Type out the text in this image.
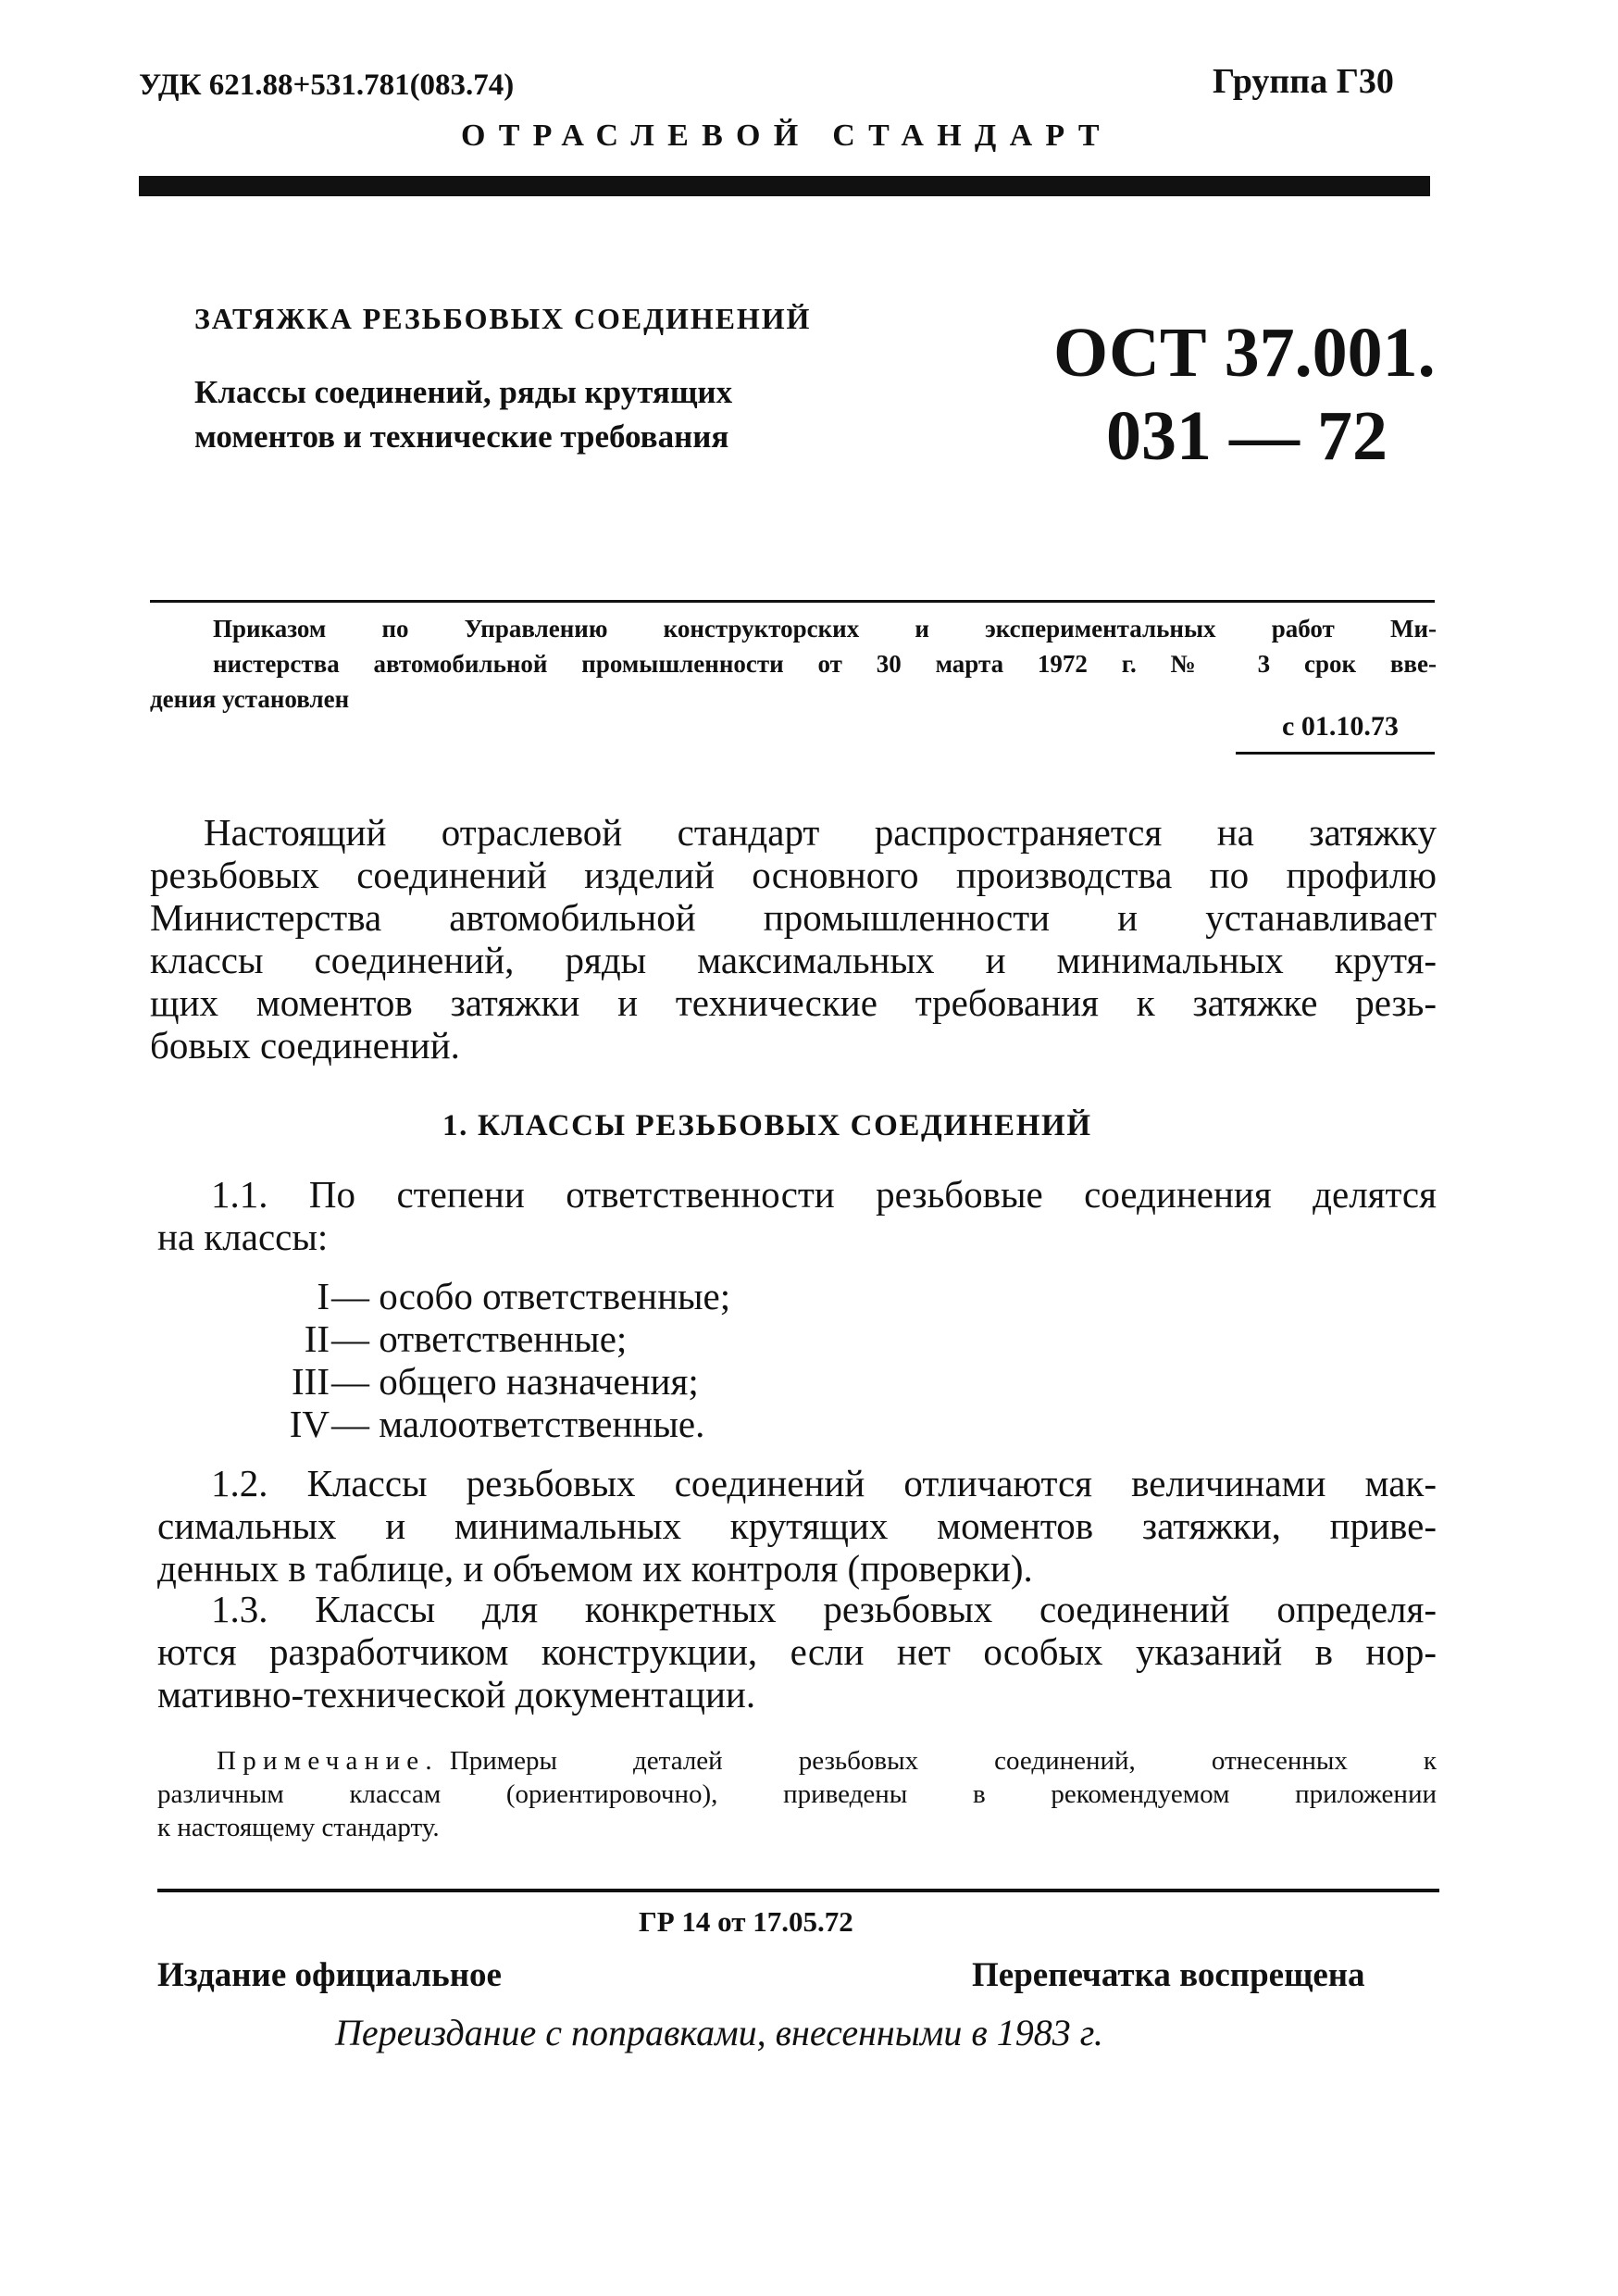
УДК 621.88+531.781(083.74)	Группа Г30
ОТРАСЛЕВОЙ СТАНДАРТ
ЗАТЯЖКА РЕЗЬБОВЫХ СОЕДИНЕНИЙ
Классы соединений, ряды крутящих
моментов и технические требования
ОСТ 37.001.
031 — 72
Приказом по Управлению конструкторских и экспериментальных работ Ми-
нистерства автомобильной промышленности от 30 марта 1972 г. № 3 срок вве-
дения установлен
с 01.10.73
Настоящий отраслевой стандарт распространяется на затяжку
резьбовых соединений изделий основного производства по профилю
Министерства автомобильной промышленности и устанавливает
классы соединений, ряды максимальных и минимальных крутя-
щих моментов затяжки и технические требования к затяжке резь-
бовых соединений.
1. КЛАССЫ РЕЗЬБОВЫХ СОЕДИНЕНИЙ
1.1. По степени ответственности резьбовые соединения делятся
на классы:
I — особо ответственные;
II — ответственные;
III — общего назначения;
IV — малоответственные.
1.2. Классы резьбовых соединений отличаются величинами мак-
симальных и минимальных крутящих моментов затяжки, приве-
денных в таблице, и объемом их контроля (проверки).
1.3. Классы для конкретных резьбовых соединений определя-
ются разработчиком конструкции, если нет особых указаний в нор-
мативно-технической документации.
Примечание. Примеры деталей резьбовых соединений, отнесенных к
различным классам (ориентировочно), приведены в рекомендуемом приложении
к настоящему стандарту.
ГР 14 от 17.05.72
Издание официальное	Перепечатка воспрещена
Переиздание с поправками, внесенными в 1983 г.
